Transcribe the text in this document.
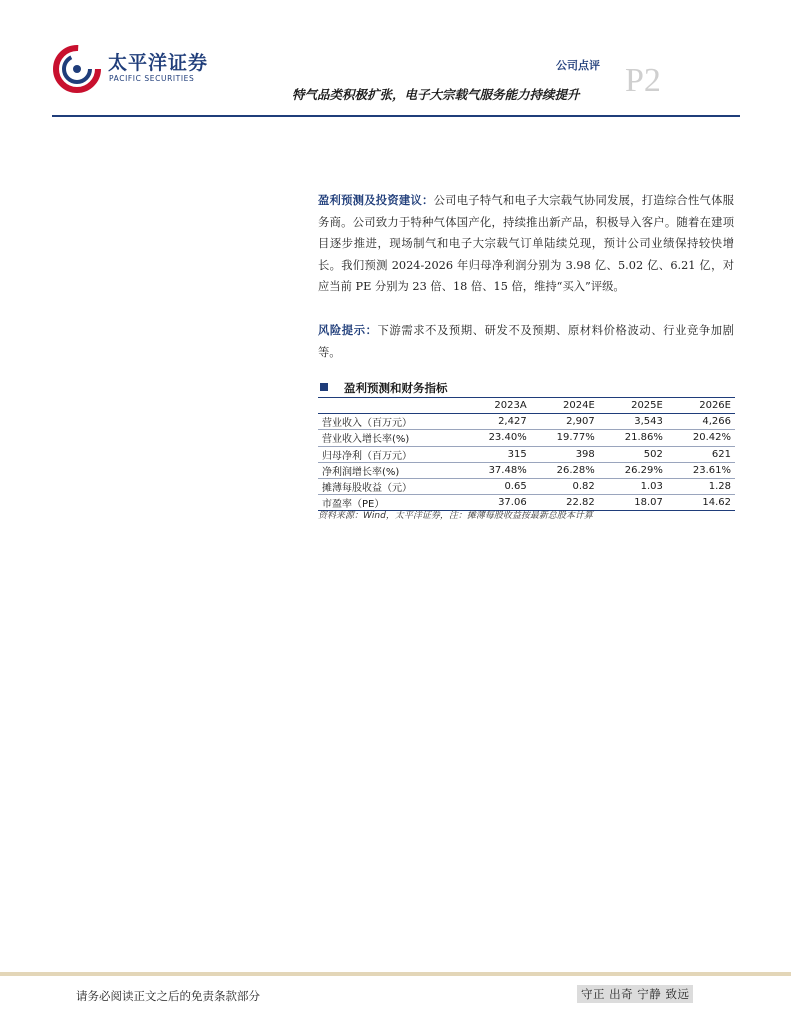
太平洋证券
PACIFIC SECURITIES
公司点评 P2
特气品类积极扩张，电子大宗载气服务能力持续提升
盈利预测及投资建议：公司电子特气和电子大宗载气协同发展，打造综合性气体服务商。公司致力于特种气体国产化，持续推出新产品，积极导入客户。随着在建项目逐步推进，现场制气和电子大宗载气订单陆续兑现，预计公司业绩保持较快增长。我们预测 2024-2026 年归母净利润分别为 3.98 亿、5.02 亿、6.21 亿，对应当前 PE 分别为 23 倍、18 倍、15 倍，维持“买入”评级。
风险提示：下游需求不及预期、研发不及预期、原材料价格波动、行业竞争加剧等。
盈利预测和财务指标
	2023A	2024E	2025E	2026E
营业收入（百万元）	2,427	2,907	3,543	4,266
营业收入增长率(%)	23.40%	19.77%	21.86%	20.42%
归母净利（百万元）	315	398	502	621
净利润增长率(%)	37.48%	26.28%	26.29%	23.61%
摊薄每股收益（元）	0.65	0.82	1.03	1.28
市盈率（PE）	37.06	22.82	18.07	14.62
资料来源：Wind，太平洋证券，注：摊薄每股收益按最新总股本计算
请务必阅读正文之后的免责条款部分	守正 出奇 宁静 致远
